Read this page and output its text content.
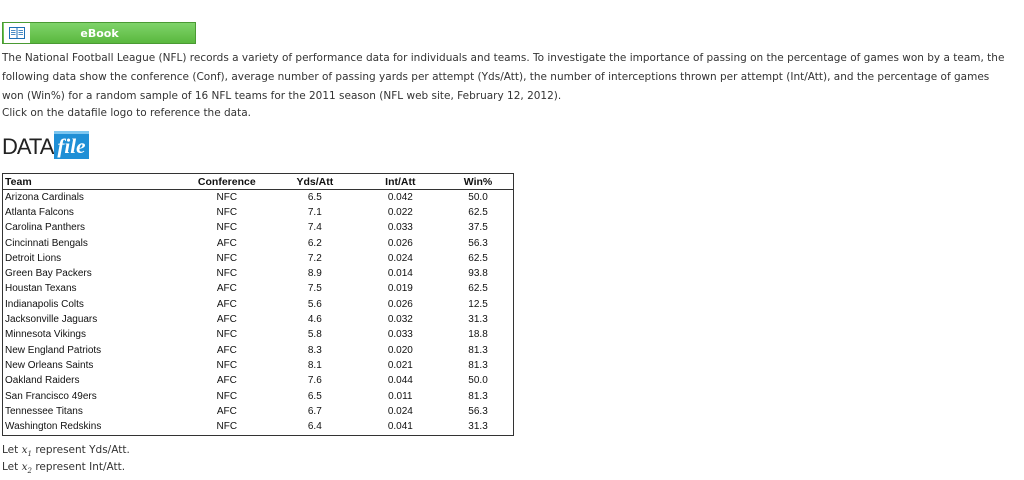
eBook

The National Football League (NFL) records a variety of performance data for individuals and teams. To investigate the importance of passing on the percentage of games won by a team, the following data show the conference (Conf), average number of passing yards per attempt (Yds/Att), the number of interceptions thrown per attempt (Int/Att), and the percentage of games won (Win%) for a random sample of 16 NFL teams for the 2011 season (NFL web site, February 12, 2012).

Click on the datafile logo to reference the data.

DATA file
Team	Conference	Yds/Att	Int/Att	Win%
Arizona Cardinals	NFC	6.5	0.042	50.0
Atlanta Falcons	NFC	7.1	0.022	62.5
Carolina Panthers	NFC	7.4	0.033	37.5
Cincinnati Bengals	AFC	6.2	0.026	56.3
Detroit Lions	NFC	7.2	0.024	62.5
Green Bay Packers	NFC	8.9	0.014	93.8
Houstan Texans	AFC	7.5	0.019	62.5
Indianapolis Colts	AFC	5.6	0.026	12.5
Jacksonville Jaguars	AFC	4.6	0.032	31.3
Minnesota Vikings	NFC	5.8	0.033	18.8
New England Patriots	AFC	8.3	0.020	81.3
New Orleans Saints	NFC	8.1	0.021	81.3
Oakland Raiders	AFC	7.6	0.044	50.0
San Francisco 49ers	NFC	6.5	0.011	81.3
Tennessee Titans	AFC	6.7	0.024	56.3
Washington Redskins	NFC	6.4	0.041	31.3

Let $x_1$ represent Yds/Att.

Let $x_2$ represent Int/Att.
